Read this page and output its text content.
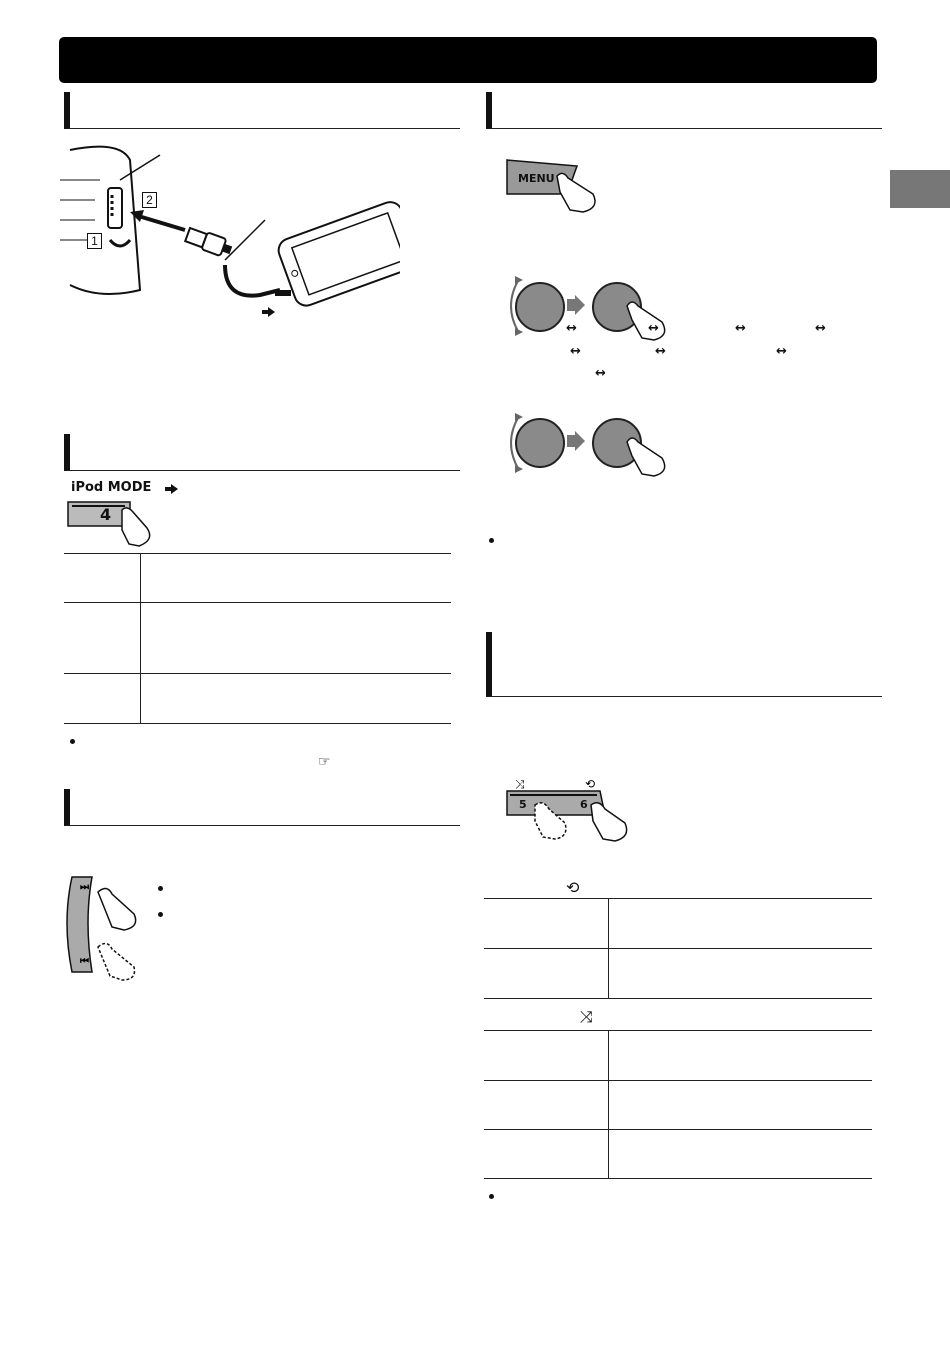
1
2
iPod MODE
4
☞
⏭
⏮
MENU
↔	↔	↔	↔
↔	↔	↔
↔
⤨	⟲
5	6
⟲
⤨
